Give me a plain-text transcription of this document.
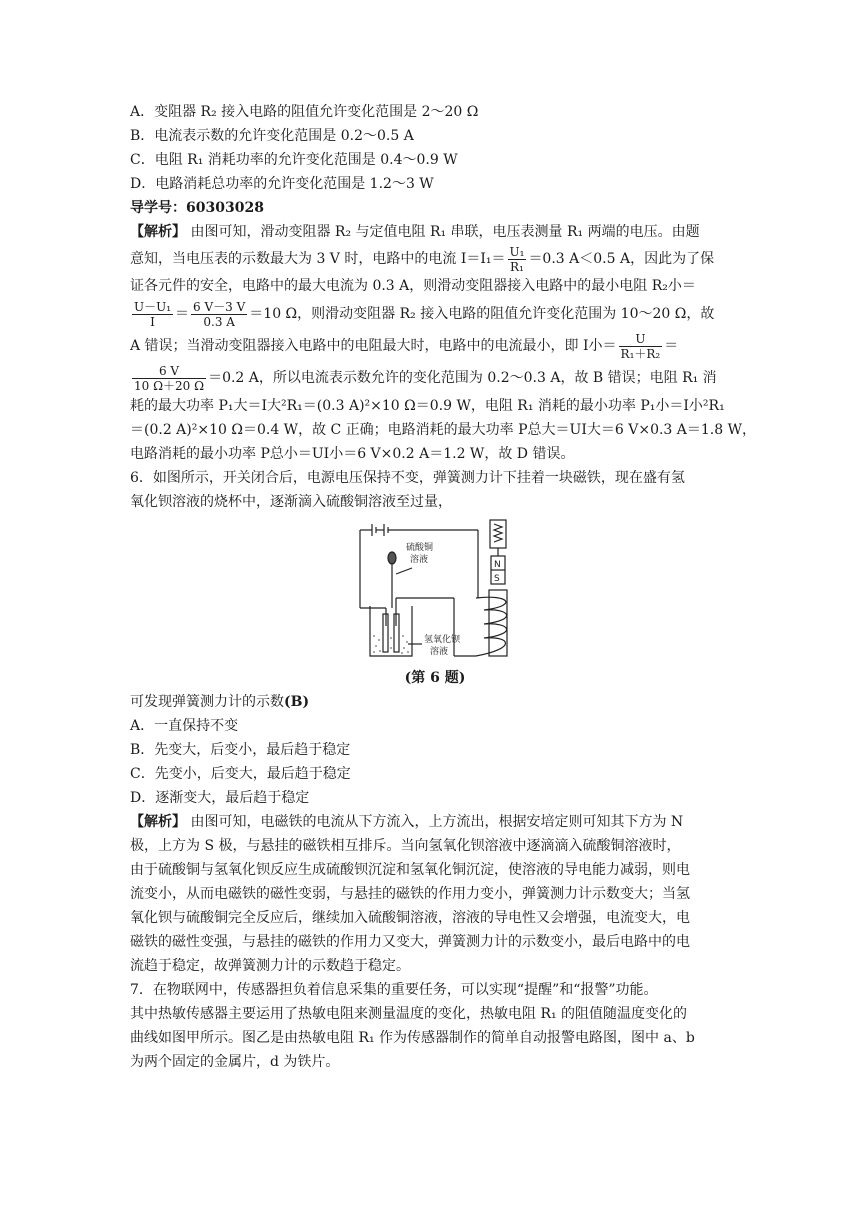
A．变阻器 R₂ 接入电路的阻值允许变化范围是 2～20 Ω
B．电流表示数的允许变化范围是 0.2～0.5 A
C．电阻 R₁ 消耗功率的允许变化范围是 0.4～0.9 W
D．电路消耗总功率的允许变化范围是 1.2～3 W
导学号：60303028
【解析】 由图可知，滑动变阻器 R₂ 与定值电阻 R₁ 串联，电压表测量 R₁ 两端的电压。由题
意知，当电压表的示数最大为 3 V 时，电路中的电流 $I=I_1= \frac{\text{U₁}}{\text{R₁}} =0.3$ A＜0.5 A，因此为了保
证各元件的安全，电路中的最大电流为 0.3 A，则滑动变阻器接入电路中的最小电阻 R₂小＝
$\frac{\text{U－U₁}}{I} = \frac{6 V-3 V}{0.3 A} =10$ Ω，则滑动变阻器 R₂ 接入电路的阻值允许变化范围为 10～20 Ω，故
A 错误；当滑动变阻器接入电路中的电阻最大时，电路中的电流最小，即 I小＝ $\frac{U}{\text{R₁＋R₂}}$ ＝
$\frac{6 V}{10 \Omega+20 \Omega} =0.2$ A，所以电流表示数允许的变化范围为 0.2～0.3 A，故 B 错误；电阻 R₁ 消
耗的最大功率 P₁大＝I大²R₁＝(0.3 A)²×10 Ω＝0.9 W，电阻 R₁ 消耗的最小功率 P₁小＝I小²R₁
＝(0.2 A)²×10 Ω＝0.4 W，故 C 正确；电路消耗的最大功率 P总大＝UI大＝6 V×0.3 A＝1.8 W，
电路消耗的最小功率 P总小＝UI小＝6 V×0.2 A＝1.2 W，故 D 错误。
6．如图所示，开关闭合后，电源电压保持不变，弹簧测力计下挂着一块磁铁，现在盛有氢
氧化钡溶液的烧杯中，逐渐滴入硫酸铜溶液至过量，
硫酸铜
溶液
氢氧化钡
溶液
N
S
(第 6 题)
可发现弹簧测力计的示数(B)
A．一直保持不变
B．先变大，后变小，最后趋于稳定
C．先变小，后变大，最后趋于稳定
D．逐渐变大，最后趋于稳定
【解析】 由图可知，电磁铁的电流从下方流入，上方流出，根据安培定则可知其下方为 N
极，上方为 S 极，与悬挂的磁铁相互排斥。当向氢氧化钡溶液中逐滴滴入硫酸铜溶液时，
由于硫酸铜与氢氧化钡反应生成硫酸钡沉淀和氢氧化铜沉淀，使溶液的导电能力减弱，则电
流变小，从而电磁铁的磁性变弱，与悬挂的磁铁的作用力变小，弹簧测力计示数变大；当氢
氧化钡与硫酸铜完全反应后，继续加入硫酸铜溶液，溶液的导电性又会增强，电流变大，电
磁铁的磁性变强，与悬挂的磁铁的作用力又变大，弹簧测力计的示数变小，最后电路中的电
流趋于稳定，故弹簧测力计的示数趋于稳定。
7．在物联网中，传感器担负着信息采集的重要任务，可以实现“提醒”和“报警”功能。
其中热敏传感器主要运用了热敏电阻来测量温度的变化，热敏电阻 R₁ 的阻值随温度变化的
曲线如图甲所示。图乙是由热敏电阻 R₁ 作为传感器制作的简单自动报警电路图，图中 a、b
为两个固定的金属片，d 为铁片。
